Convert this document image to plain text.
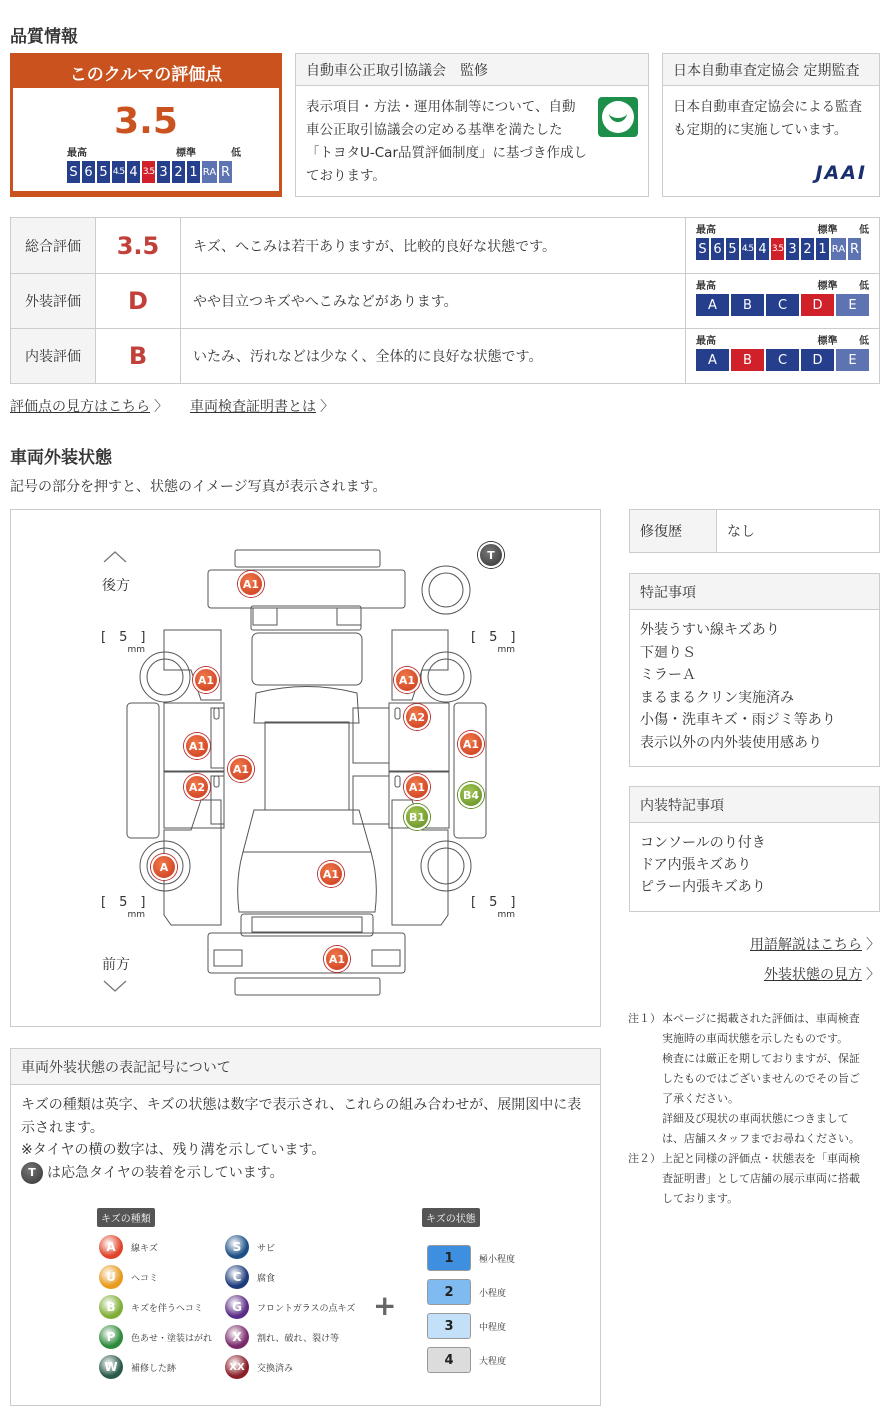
品質情報
このクルマの評価点
3.5
最高	標準	低
S 6 5 4.5 4 3.5 3 2 1 RA R
自動車公正取引協議会　監修
表示項目・方法・運用体制等について、自動車公正取引協議会の定める基準を満たした「トヨタU-Car品質評価制度」に基づき作成しております。
日本自動車査定協会 定期監査
日本自動車査定協会による監査も定期的に実施しています。
JAAI
総合評価	3.5	キズ、へこみは若干ありますが、比較的良好な状態です。
最高	標準 低
S 6 5 4.5 4 3.5 3 2 1 RA R
外装評価	D	やや目立つキズやへこみなどがあります。
最高	標準 低
A	B	C	D	E
内装評価	B	いたみ、汚れなどは少なく、全体的に良好な状態です。
最高	標準 低
A	B	C	D	E
評価点の見方はこちら 〉 車両検査証明書とは 〉
車両外装状態
記号の部分を押すと、状態のイメージ写真が表示されます。
後方
前方
[　5　]
mm
[　5　]
mm
[　5　]
mm
[　5　]
mm
A1
A1	A1
A2
A1
A1
A2
A1
A1
B4
B1
A
A1
A1
T
修復歴	なし
特記事項
外装うすい線キズあり
下廻りＳ
ミラーＡ
まるまるクリン実施済み
小傷・洗車キズ・雨ジミ等あり
表示以外の内外装使用感あり
内装特記事項
コンソールのり付き
ドア内張キズあり
ピラー内張キズあり
用語解説はこちら 〉
外装状態の見方 〉
注１） 本ページに掲載された評価は、車両検査
実施時の車両状態を示したものです。
検査には厳正を期しておりますが、保証
したものではございませんのでその旨ご
了承ください。
詳細及び現状の車両状態につきまして
は、店舗スタッフまでお尋ねください。
注２） 上記と同様の評価点・状態表を「車両検
査証明書」として店舗の展示車両に搭載
しております。
車両外装状態の表記記号について
キズの種類は英字、キズの状態は数字で表示され、これらの組み合わせが、展開図中に表示されます。
※タイヤの横の数字は、残り溝を示しています。
T は応急タイヤの装着を示しています。
キズの種類	キズの状態
A	線キズ
U	ヘコミ
B	キズを伴うヘコミ
P	色あせ・塗装はがれ
W	補修した跡
S	サビ
C	腐食
G	フロントガラスの点キズ
X	割れ、破れ、裂け等
XX	交換済み
+
1	極小程度
2	小程度
3	中程度
4	大程度
